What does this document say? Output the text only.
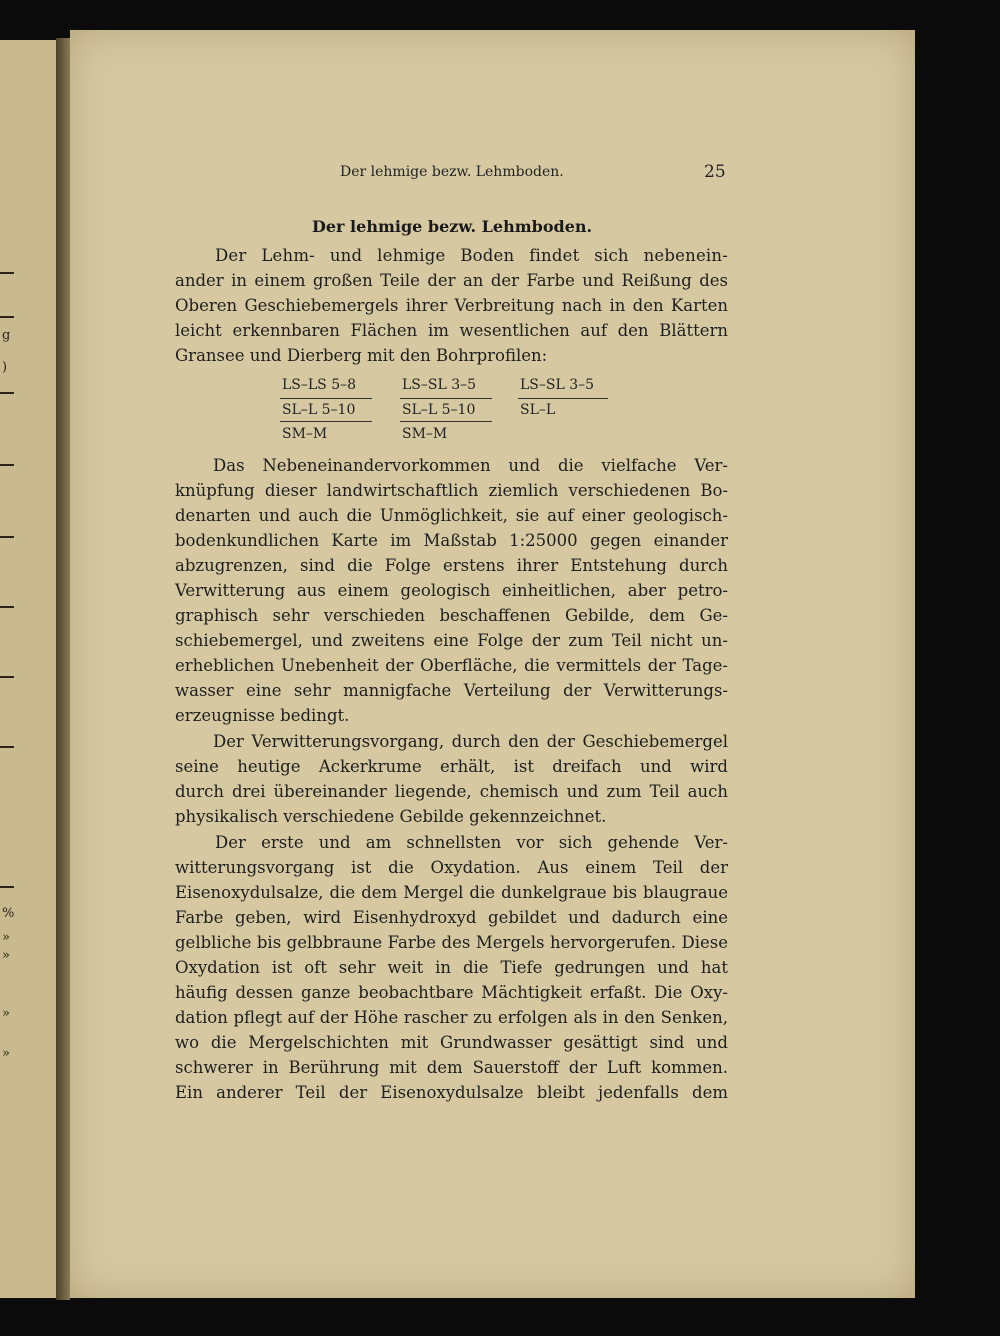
g
)
%
»
»
»
»
Der lehmige bezw. Lehmboden.	25
Der lehmige bezw. Lehmboden.
Der Lehm- und lehmige Boden findet sich nebenein-
ander in einem großen Teile der an der Farbe und Reißung des
Oberen Geschiebemergels ihrer Verbreitung nach in den Karten
leicht erkennbaren Flächen im wesentlichen auf den Blättern
Gransee und Dierberg mit den Bohrprofilen:
LS–LS 5–8
SL–L 5–10
SM–M
LS–SL 3–5
SL–L 5–10
SM–M
LS–SL 3–5
SL–L
Das Nebeneinandervorkommen und die vielfache Ver-
knüpfung dieser landwirtschaftlich ziemlich verschiedenen Bo-
denarten und auch die Unmöglichkeit, sie auf einer geologisch-
bodenkundlichen Karte im Maßstab 1:25000 gegen einander
abzugrenzen, sind die Folge erstens ihrer Entstehung durch
Verwitterung aus einem geologisch einheitlichen, aber petro-
graphisch sehr verschieden beschaffenen Gebilde, dem Ge-
schiebemergel, und zweitens eine Folge der zum Teil nicht un-
erheblichen Unebenheit der Oberfläche, die vermittels der Tage-
wasser eine sehr mannigfache Verteilung der Verwitterungs-
erzeugnisse bedingt.
Der Verwitterungsvorgang, durch den der Geschiebemergel
seine heutige Ackerkrume erhält, ist dreifach und wird
durch drei übereinander liegende, chemisch und zum Teil auch
physikalisch verschiedene Gebilde gekennzeichnet.
Der erste und am schnellsten vor sich gehende Ver-
witterungsvorgang ist die Oxydation. Aus einem Teil der
Eisenoxydulsalze, die dem Mergel die dunkelgraue bis blaugraue
Farbe geben, wird Eisenhydroxyd gebildet und dadurch eine
gelbliche bis gelbbraune Farbe des Mergels hervorgerufen. Diese
Oxydation ist oft sehr weit in die Tiefe gedrungen und hat
häufig dessen ganze beobachtbare Mächtigkeit erfaßt. Die Oxy-
dation pflegt auf der Höhe rascher zu erfolgen als in den Senken,
wo die Mergelschichten mit Grundwasser gesättigt sind und
schwerer in Berührung mit dem Sauerstoff der Luft kommen.
Ein anderer Teil der Eisenoxydulsalze bleibt jedenfalls dem
